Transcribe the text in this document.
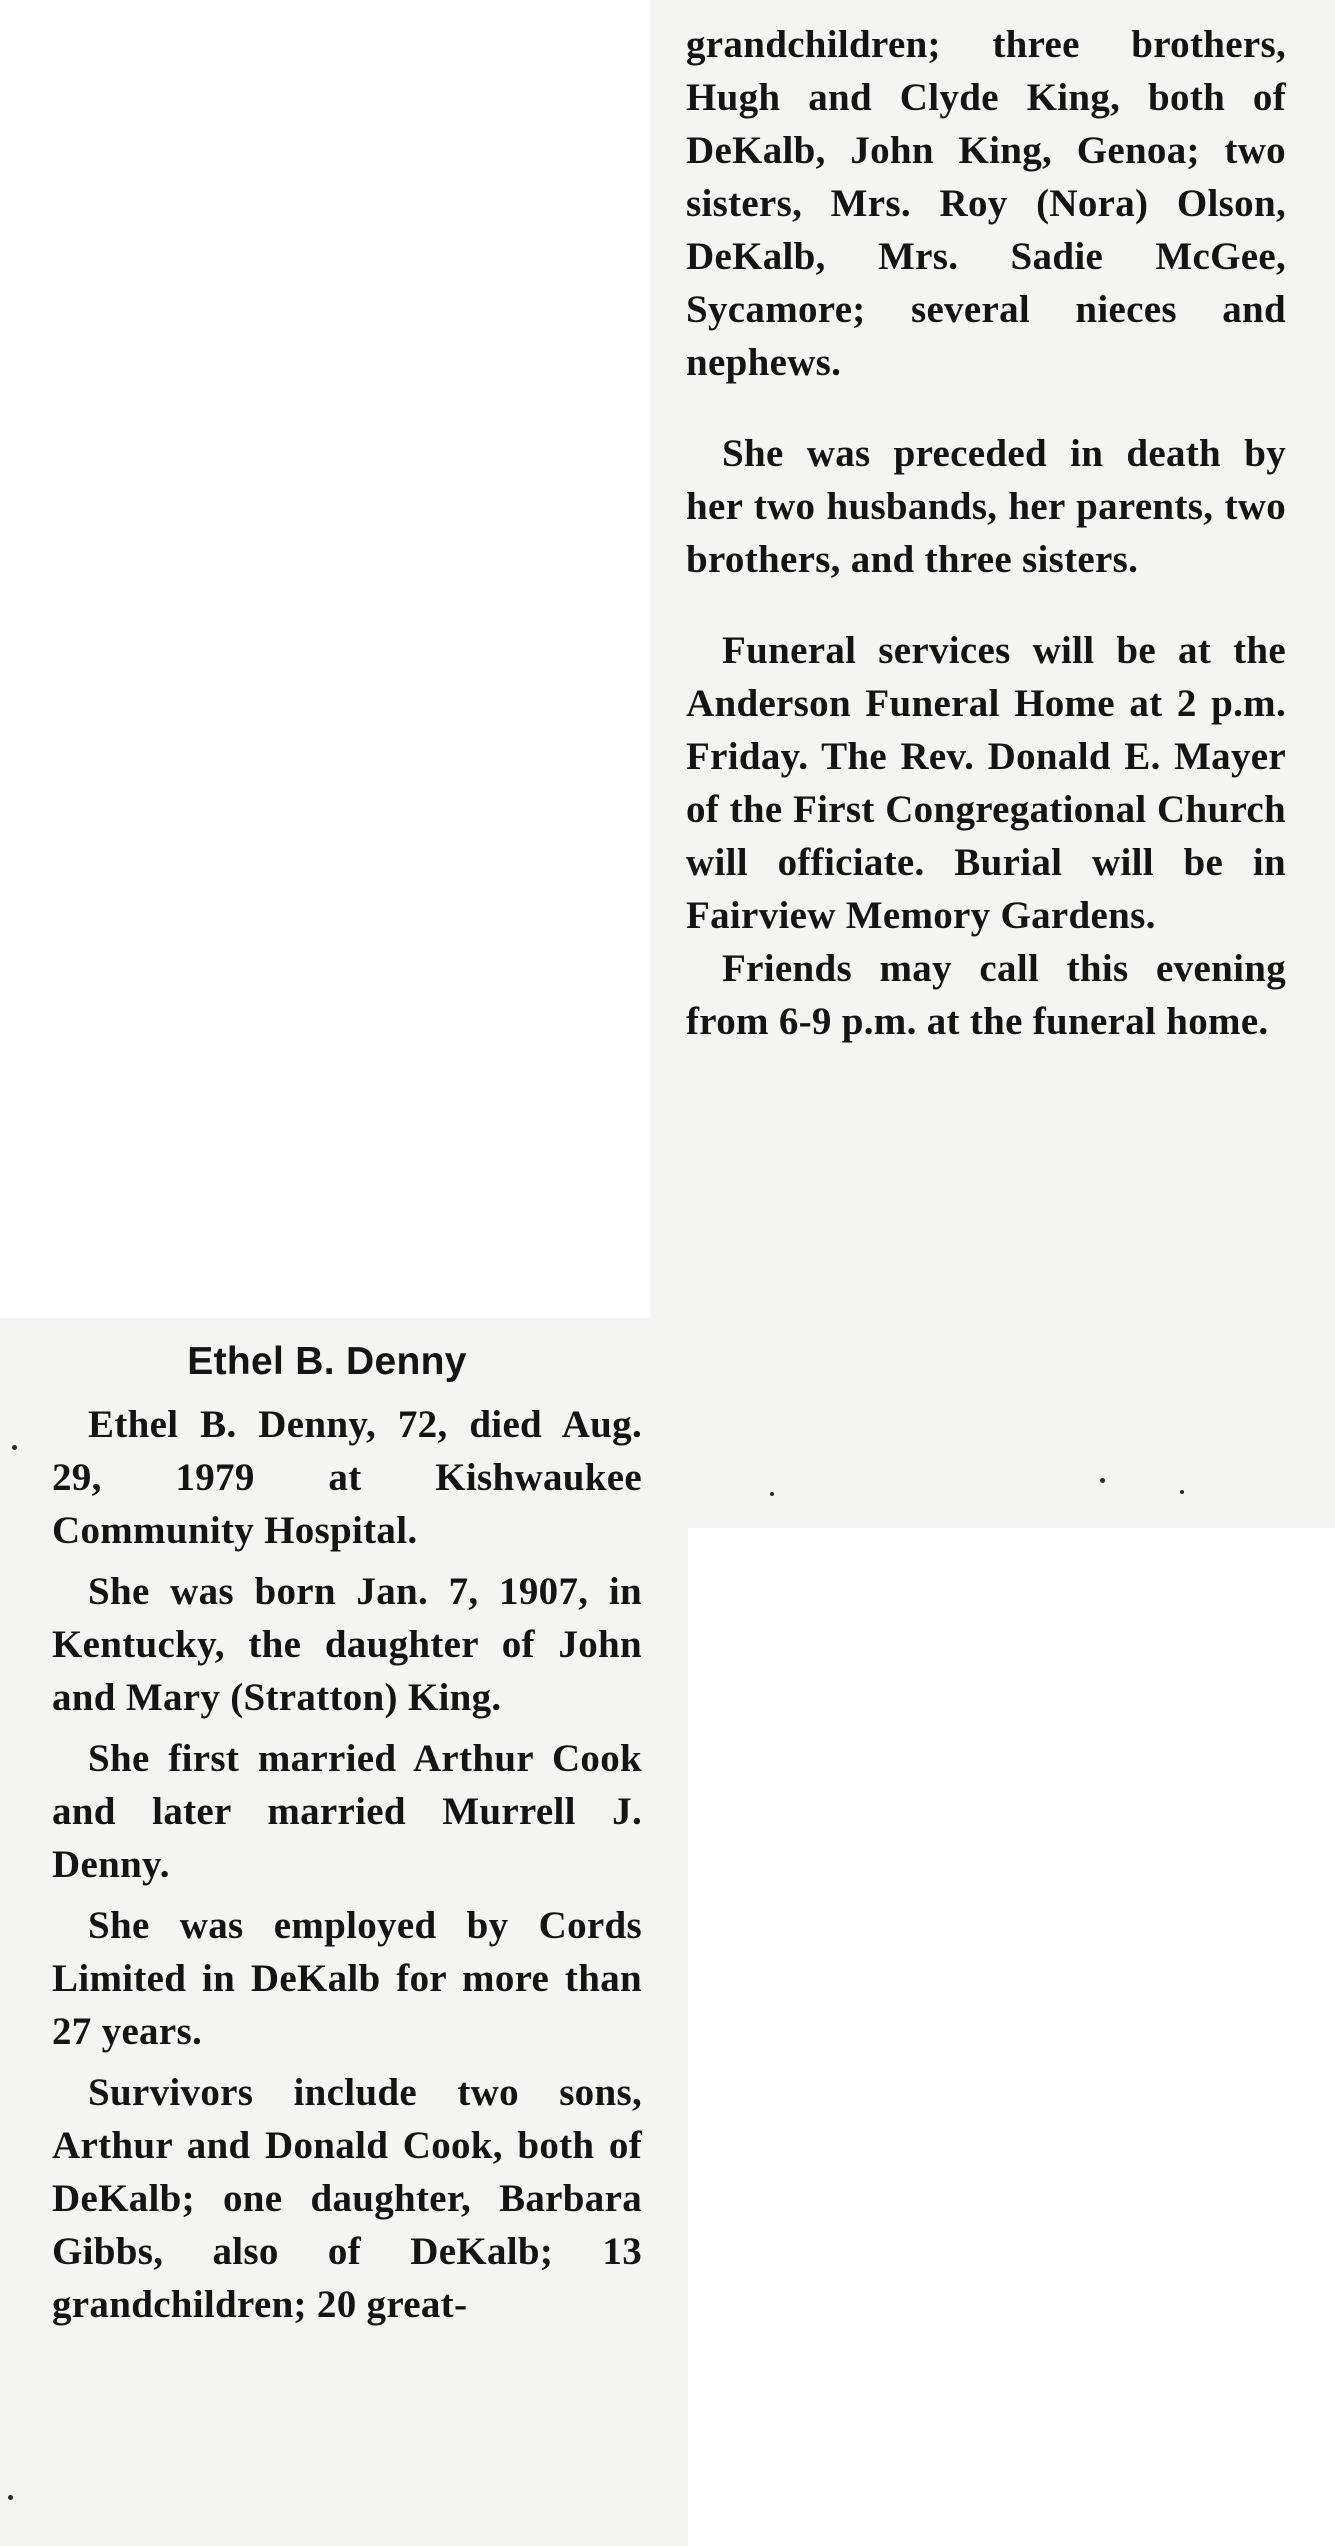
grandchildren; three brothers, Hugh and Clyde King, both of DeKalb, John King, Genoa; two sisters, Mrs. Roy (Nora) Olson, DeKalb, Mrs. Sadie McGee, Sycamore; several nieces and nephews.

She was preceded in death by her two husbands, her parents, two brothers, and three sisters.

Funeral services will be at the Anderson Funeral Home at 2 p.m. Friday. The Rev. Donald E. Mayer of the First Congregational Church will officiate. Burial will be in Fairview Memory Gardens.

Friends may call this evening from 6-9 p.m. at the funeral home.

Ethel B. Denny

Ethel B. Denny, 72, died Aug. 29, 1979 at Kishwaukee Community Hospital.

She was born Jan. 7, 1907, in Kentucky, the daughter of John and Mary (Stratton) King.

She first married Arthur Cook and later married Murrell J. Denny.

She was employed by Cords Limited in DeKalb for more than 27 years.

Survivors include two sons, Arthur and Donald Cook, both of DeKalb; one daughter, Barbara Gibbs, also of DeKalb; 13 grandchildren; 20 great-
